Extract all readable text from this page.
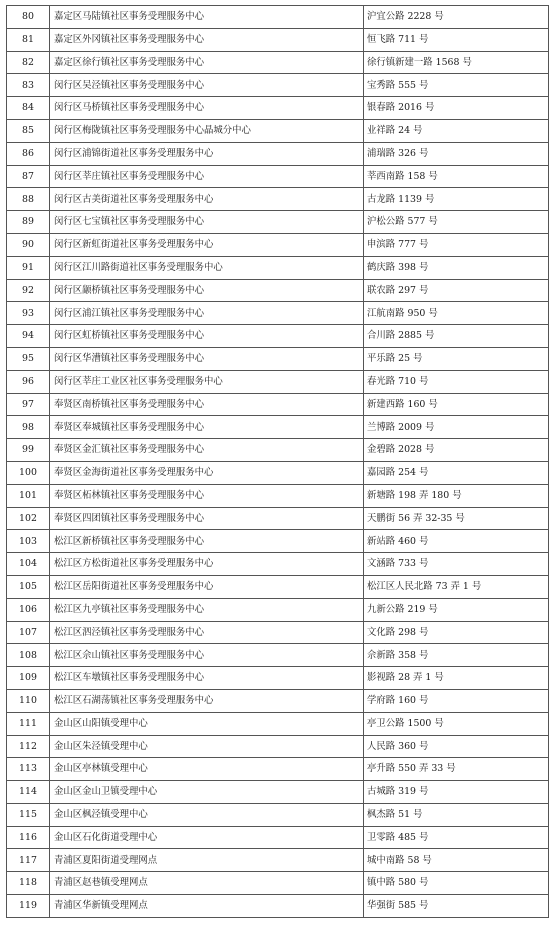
80	嘉定区马陆镇社区事务受理服务中心	沪宜公路 2228 号
81	嘉定区外冈镇社区事务受理服务中心	恒飞路 711 号
82	嘉定区徐行镇社区事务受理服务中心	徐行镇新建一路 1568 号
83	闵行区吴泾镇社区事务受理服务中心	宝秀路 555 号
84	闵行区马桥镇社区事务受理服务中心	银春路 2016 号
85	闵行区梅陇镇社区事务受理服务中心晶城分中心	业祥路 24 号
86	闵行区浦锦街道社区事务受理服务中心	浦瑞路 326 号
87	闵行区莘庄镇社区事务受理服务中心	莘西南路 158 号
88	闵行区古美街道社区事务受理服务中心	古龙路 1139 号
89	闵行区七宝镇社区事务受理服务中心	沪松公路 577 号
90	闵行区新虹街道社区事务受理服务中心	申滨路 777 号
91	闵行区江川路街道社区事务受理服务中心	鹤庆路 398 号
92	闵行区颛桥镇社区事务受理服务中心	联农路 297 号
93	闵行区浦江镇社区事务受理服务中心	江航南路 950 号
94	闵行区虹桥镇社区事务受理服务中心	合川路 2885 号
95	闵行区华漕镇社区事务受理服务中心	平乐路 25 号
96	闵行区莘庄工业区社区事务受理服务中心	春光路 710 号
97	奉贤区南桥镇社区事务受理服务中心	新建西路 160 号
98	奉贤区奉城镇社区事务受理服务中心	兰博路 2009 号
99	奉贤区金汇镇社区事务受理服务中心	金碧路 2028 号
100	奉贤区金海街道社区事务受理服务中心	嘉园路 254 号
101	奉贤区柘林镇社区事务受理服务中心	新塘路 198 弄 180 号
102	奉贤区四团镇社区事务受理服务中心	天鹏街 56 弄 32-35 号
103	松江区新桥镇社区事务受理服务中心	新站路 460 号
104	松江区方松街道社区事务受理服务中心	文涵路 733 号
105	松江区岳阳街道社区事务受理服务中心	松江区人民北路 73 弄 1 号
106	松江区九亭镇社区事务受理服务中心	九新公路 219 号
107	松江区泗泾镇社区事务受理服务中心	文化路 298 号
108	松江区佘山镇社区事务受理服务中心	佘新路 358 号
109	松江区车墩镇社区事务受理服务中心	影视路 28 弄 1 号
110	松江区石湖荡镇社区事务受理服务中心	学府路 160 号
111	金山区山阳镇受理中心	亭卫公路 1500 号
112	金山区朱泾镇受理中心	人民路 360 号
113	金山区亭林镇受理中心	亭升路 550 弄 33 号
114	金山区金山卫镇受理中心	古城路 319 号
115	金山区枫泾镇受理中心	枫杰路 51 号
116	金山区石化街道受理中心	卫零路 485 号
117	青浦区夏阳街道受理网点	城中南路 58 号
118	青浦区赵巷镇受理网点	镇中路 580 号
119	青浦区华新镇受理网点	华强街 585 号
